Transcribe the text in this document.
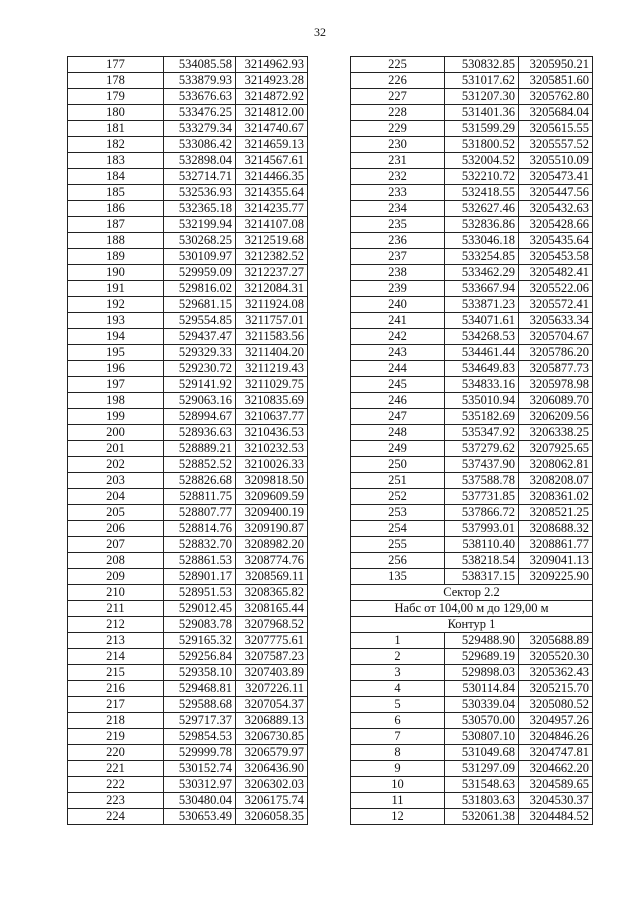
32
177	534085.58	3214962.93
178	533879.93	3214923.28
179	533676.63	3214872.92
180	533476.25	3214812.00
181	533279.34	3214740.67
182	533086.42	3214659.13
183	532898.04	3214567.61
184	532714.71	3214466.35
185	532536.93	3214355.64
186	532365.18	3214235.77
187	532199.94	3214107.08
188	530268.25	3212519.68
189	530109.97	3212382.52
190	529959.09	3212237.27
191	529816.02	3212084.31
192	529681.15	3211924.08
193	529554.85	3211757.01
194	529437.47	3211583.56
195	529329.33	3211404.20
196	529230.72	3211219.43
197	529141.92	3211029.75
198	529063.16	3210835.69
199	528994.67	3210637.77
200	528936.63	3210436.53
201	528889.21	3210232.53
202	528852.52	3210026.33
203	528826.68	3209818.50
204	528811.75	3209609.59
205	528807.77	3209400.19
206	528814.76	3209190.87
207	528832.70	3208982.20
208	528861.53	3208774.76
209	528901.17	3208569.11
210	528951.53	3208365.82
211	529012.45	3208165.44
212	529083.78	3207968.52
213	529165.32	3207775.61
214	529256.84	3207587.23
215	529358.10	3207403.89
216	529468.81	3207226.11
217	529588.68	3207054.37
218	529717.37	3206889.13
219	529854.53	3206730.85
220	529999.78	3206579.97
221	530152.74	3206436.90
222	530312.97	3206302.03
223	530480.04	3206175.74
224	530653.49	3206058.35
225	530832.85	3205950.21
226	531017.62	3205851.60
227	531207.30	3205762.80
228	531401.36	3205684.04
229	531599.29	3205615.55
230	531800.52	3205557.52
231	532004.52	3205510.09
232	532210.72	3205473.41
233	532418.55	3205447.56
234	532627.46	3205432.63
235	532836.86	3205428.66
236	533046.18	3205435.64
237	533254.85	3205453.58
238	533462.29	3205482.41
239	533667.94	3205522.06
240	533871.23	3205572.41
241	534071.61	3205633.34
242	534268.53	3205704.67
243	534461.44	3205786.20
244	534649.83	3205877.73
245	534833.16	3205978.98
246	535010.94	3206089.70
247	535182.69	3206209.56
248	535347.92	3206338.25
249	537279.62	3207925.65
250	537437.90	3208062.81
251	537588.78	3208208.07
252	537731.85	3208361.02
253	537866.72	3208521.25
254	537993.01	3208688.32
255	538110.40	3208861.77
256	538218.54	3209041.13
135	538317.15	3209225.90
Сектор 2.2		
Набс от 104,00 м до 129,00 м		
Контур 1		
1	529488.90	3205688.89
2	529689.19	3205520.30
3	529898.03	3205362.43
4	530114.84	3205215.70
5	530339.04	3205080.52
6	530570.00	3204957.26
7	530807.10	3204846.26
8	531049.68	3204747.81
9	531297.09	3204662.20
10	531548.63	3204589.65
11	531803.63	3204530.37
12	532061.38	3204484.52
